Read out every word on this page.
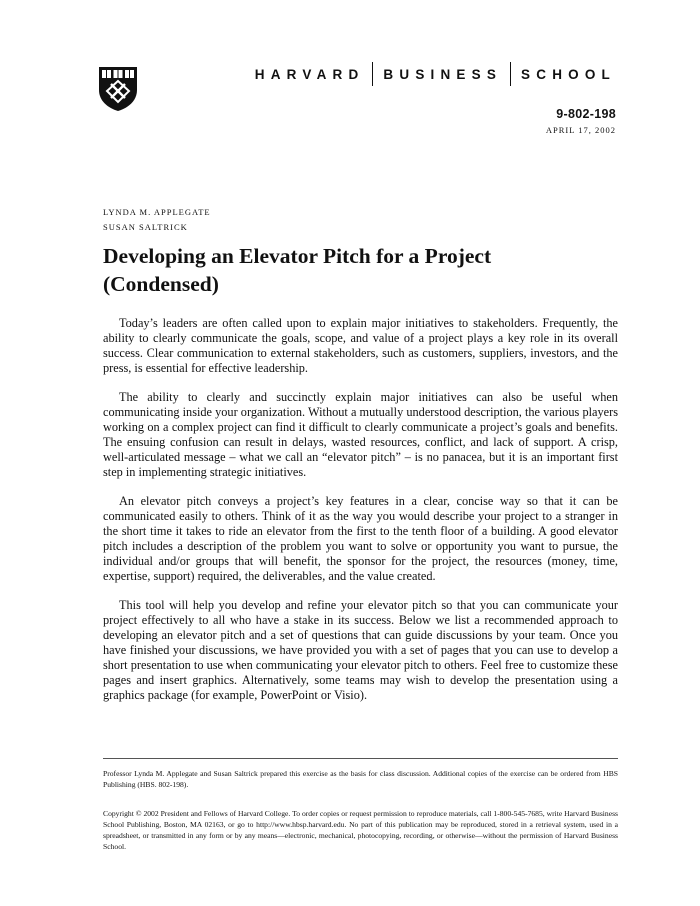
HARVARD BUSINESS SCHOOL
9-802-198
APRIL 17, 2002
LYNDA M. APPLEGATE
SUSAN SALTRICK
Developing an Elevator Pitch for a Project
(Condensed)

Today’s leaders are often called upon to explain major initiatives to stakeholders. Frequently, the ability to clearly communicate the goals, scope, and value of a project plays a key role in its overall success. Clear communication to external stakeholders, such as customers, suppliers, investors, and the press, is essential for effective leadership.

The ability to clearly and succinctly explain major initiatives can also be useful when communicating inside your organization. Without a mutually understood description, the various players working on a complex project can find it difficult to clearly communicate a project’s goals and benefits. The ensuing confusion can result in delays, wasted resources, conflict, and lack of support. A crisp, well-articulated message – what we call an “elevator pitch” – is no panacea, but it is an important first step in implementing strategic initiatives.

An elevator pitch conveys a project’s key features in a clear, concise way so that it can be communicated easily to others. Think of it as the way you would describe your project to a stranger in the short time it takes to ride an elevator from the first to the tenth floor of a building. A good elevator pitch includes a description of the problem you want to solve or opportunity you want to pursue, the individual and/or groups that will benefit, the sponsor for the project, the resources (money, time, expertise, support) required, the deliverables, and the value created.

This tool will help you develop and refine your elevator pitch so that you can communicate your project effectively to all who have a stake in its success. Below we list a recommended approach to developing an elevator pitch and a set of questions that can guide discussions by your team. Once you have finished your discussions, we have provided you with a set of pages that you can use to develop a short presentation to use when communicating your elevator pitch to others. Feel free to customize these pages and insert graphics. Alternatively, some teams may wish to develop the presentation using a graphics package (for example, PowerPoint or Visio).

Professor Lynda M. Applegate and Susan Saltrick prepared this exercise as the basis for class discussion. Additional copies of the exercise can be ordered from HBS Publishing (HBS. 802-198).

Copyright © 2002 President and Fellows of Harvard College. To order copies or request permission to reproduce materials, call 1-800-545-7685, write Harvard Business School Publishing, Boston, MA 02163, or go to http://www.hbsp.harvard.edu. No part of this publication may be reproduced, stored in a retrieval system, used in a spreadsheet, or transmitted in any form or by any means—electronic, mechanical, photocopying, recording, or otherwise—without the permission of Harvard Business School.
